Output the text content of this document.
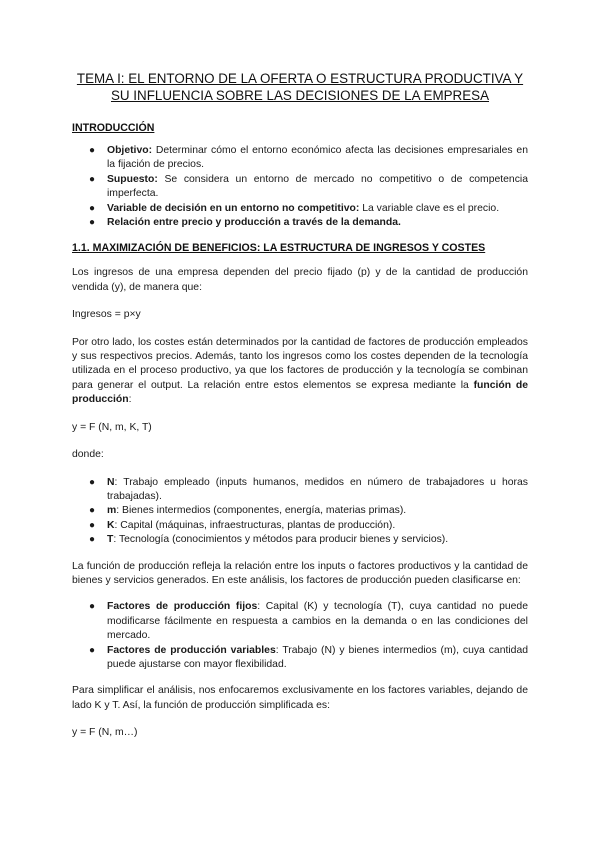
TEMA I: EL ENTORNO DE LA OFERTA O ESTRUCTURA PRODUCTIVA Y
SU INFLUENCIA SOBRE LAS DECISIONES DE LA EMPRESA
INTRODUCCIÓN
● Objetivo: Determinar cómo el entorno económico afecta las decisiones empresariales en la fijación de precios.
● Supuesto: Se considera un entorno de mercado no competitivo o de competencia imperfecta.
● Variable de decisión en un entorno no competitivo: La variable clave es el precio.
● Relación entre precio y producción a través de la demanda.
1.1. MAXIMIZACIÓN DE BENEFICIOS: LA ESTRUCTURA DE INGRESOS Y COSTES

Los ingresos de una empresa dependen del precio fijado (p) y de la cantidad de producción vendida (y), de manera que:

Ingresos = p×y

Por otro lado, los costes están determinados por la cantidad de factores de producción empleados y sus respectivos precios. Además, tanto los ingresos como los costes dependen de la tecnología utilizada en el proceso productivo, ya que los factores de producción y la tecnología se combinan para generar el output. La relación entre estos elementos se expresa mediante la función de producción:

y = F (N, m, K, T)

donde:

● N: Trabajo empleado (inputs humanos, medidos en número de trabajadores u horas trabajadas).
● m: Bienes intermedios (componentes, energía, materias primas).
● K: Capital (máquinas, infraestructuras, plantas de producción).
● T: Tecnología (conocimientos y métodos para producir bienes y servicios).

La función de producción refleja la relación entre los inputs o factores productivos y la cantidad de bienes y servicios generados. En este análisis, los factores de producción pueden clasificarse en:

● Factores de producción fijos: Capital (K) y tecnología (T), cuya cantidad no puede modificarse fácilmente en respuesta a cambios en la demanda o en las condiciones del mercado.
● Factores de producción variables: Trabajo (N) y bienes intermedios (m), cuya cantidad puede ajustarse con mayor flexibilidad.

Para simplificar el análisis, nos enfocaremos exclusivamente en los factores variables, dejando de lado K y T. Así, la función de producción simplificada es:

y = F (N, m…)
